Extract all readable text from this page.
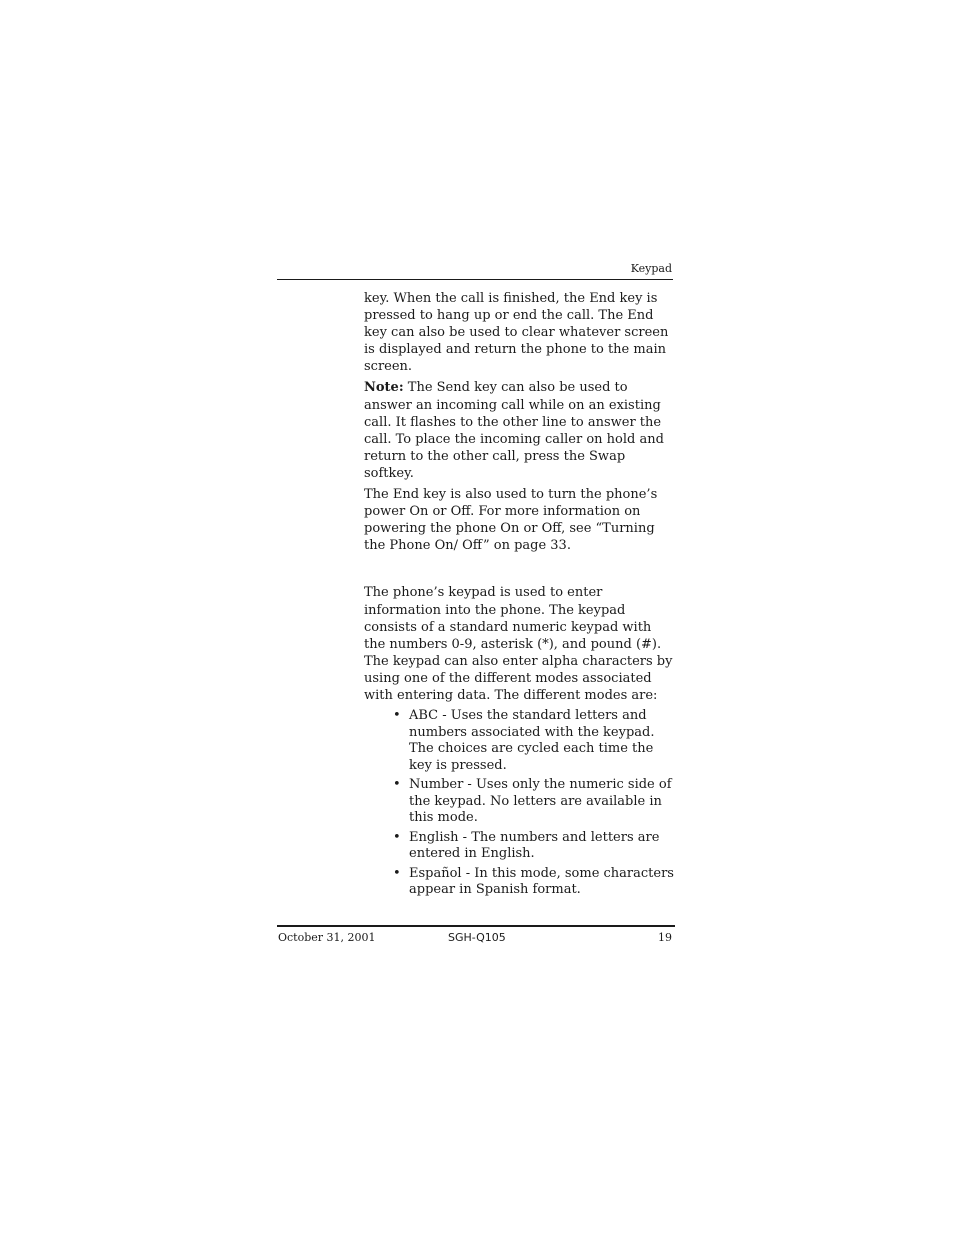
Keypad

key. When the call is finished, the End key is pressed to hang up or end the call. The End key can also be used to clear whatever screen is displayed and return the phone to the main screen.

Note: The Send key can also be used to answer an incoming call while on an existing call. It flashes to the other line to answer the call. To place the incoming caller on hold and return to the other call, press the Swap softkey.

The End key is also used to turn the phone’s power On or Off. For more information on powering the phone On or Off, see “Turning the Phone On/ Off” on page 33.

The phone’s keypad is used to enter information into the phone. The keypad consists of a standard numeric keypad with the numbers 0-9, asterisk (*), and pound (#). The keypad can also enter alpha characters by using one of the different modes associated with entering data. The different modes are:

• ABC - Uses the standard letters and numbers associated with the keypad. The choices are cycled each time the key is pressed.
• Number - Uses only the numeric side of the keypad. No letters are available in this mode.
• English - The numbers and letters are entered in English.
• Español - In this mode, some characters appear in Spanish format.
October 31, 2001	SGH-Q105	19
